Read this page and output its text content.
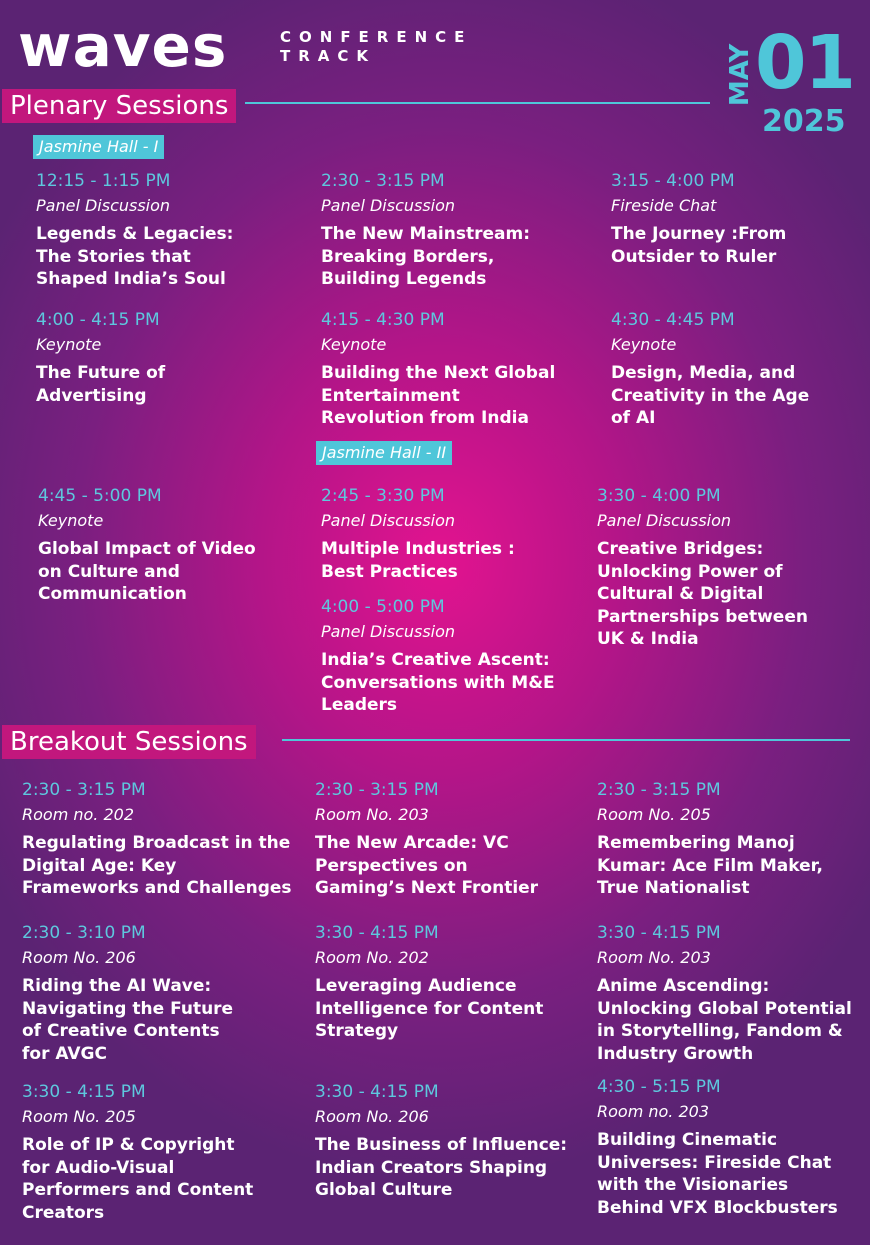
waves	CONFERENCE
TRACK	MAY 01
2025
Plenary Sessions
Jasmine Hall - I
12:15 - 1:15 PM
Panel Discussion
Legends & Legacies: The Stories that Shaped India’s Soul
2:30 - 3:15 PM
Panel Discussion
The New Mainstream: Breaking Borders, Building Legends
3:15 - 4:00 PM
Fireside Chat
The Journey :From Outsider to Ruler
4:00 - 4:15 PM
Keynote
The Future of Advertising
4:15 - 4:30 PM
Keynote
Building the Next Global Entertainment Revolution from India
4:30 - 4:45 PM
Keynote
Design, Media, and Creativity in the Age of AI
Jasmine Hall - II
4:45 - 5:00 PM
Keynote
Global Impact of Video on Culture and Communication
2:45 - 3:30 PM
Panel Discussion
Multiple Industries : Best Practices
3:30 - 4:00 PM
Panel Discussion
Creative Bridges: Unlocking Power of Cultural & Digital Partnerships between UK & India
4:00 - 5:00 PM
Panel Discussion
India’s Creative Ascent: Conversations with M&E Leaders
Breakout Sessions
2:30 - 3:15 PM
Room no. 202
Regulating Broadcast in the Digital Age: Key Frameworks and Challenges
2:30 - 3:15 PM
Room No. 203
The New Arcade: VC Perspectives on Gaming’s Next Frontier
2:30 - 3:15 PM
Room No. 205
Remembering Manoj Kumar: Ace Film Maker, True Nationalist
2:30 - 3:10 PM
Room No. 206
Riding the AI Wave: Navigating the Future of Creative Contents for AVGC
3:30 - 4:15 PM
Room No. 202
Leveraging Audience Intelligence for Content Strategy
3:30 - 4:15 PM
Room No. 203
Anime Ascending: Unlocking Global Potential in Storytelling, Fandom & Industry Growth
3:30 - 4:15 PM
Room No. 205
Role of IP & Copyright for Audio-Visual Performers and Content Creators
3:30 - 4:15 PM
Room No. 206
The Business of Influence: Indian Creators Shaping Global Culture
4:30 - 5:15 PM
Room no. 203
Building Cinematic Universes: Fireside Chat with the Visionaries Behind VFX Blockbusters
